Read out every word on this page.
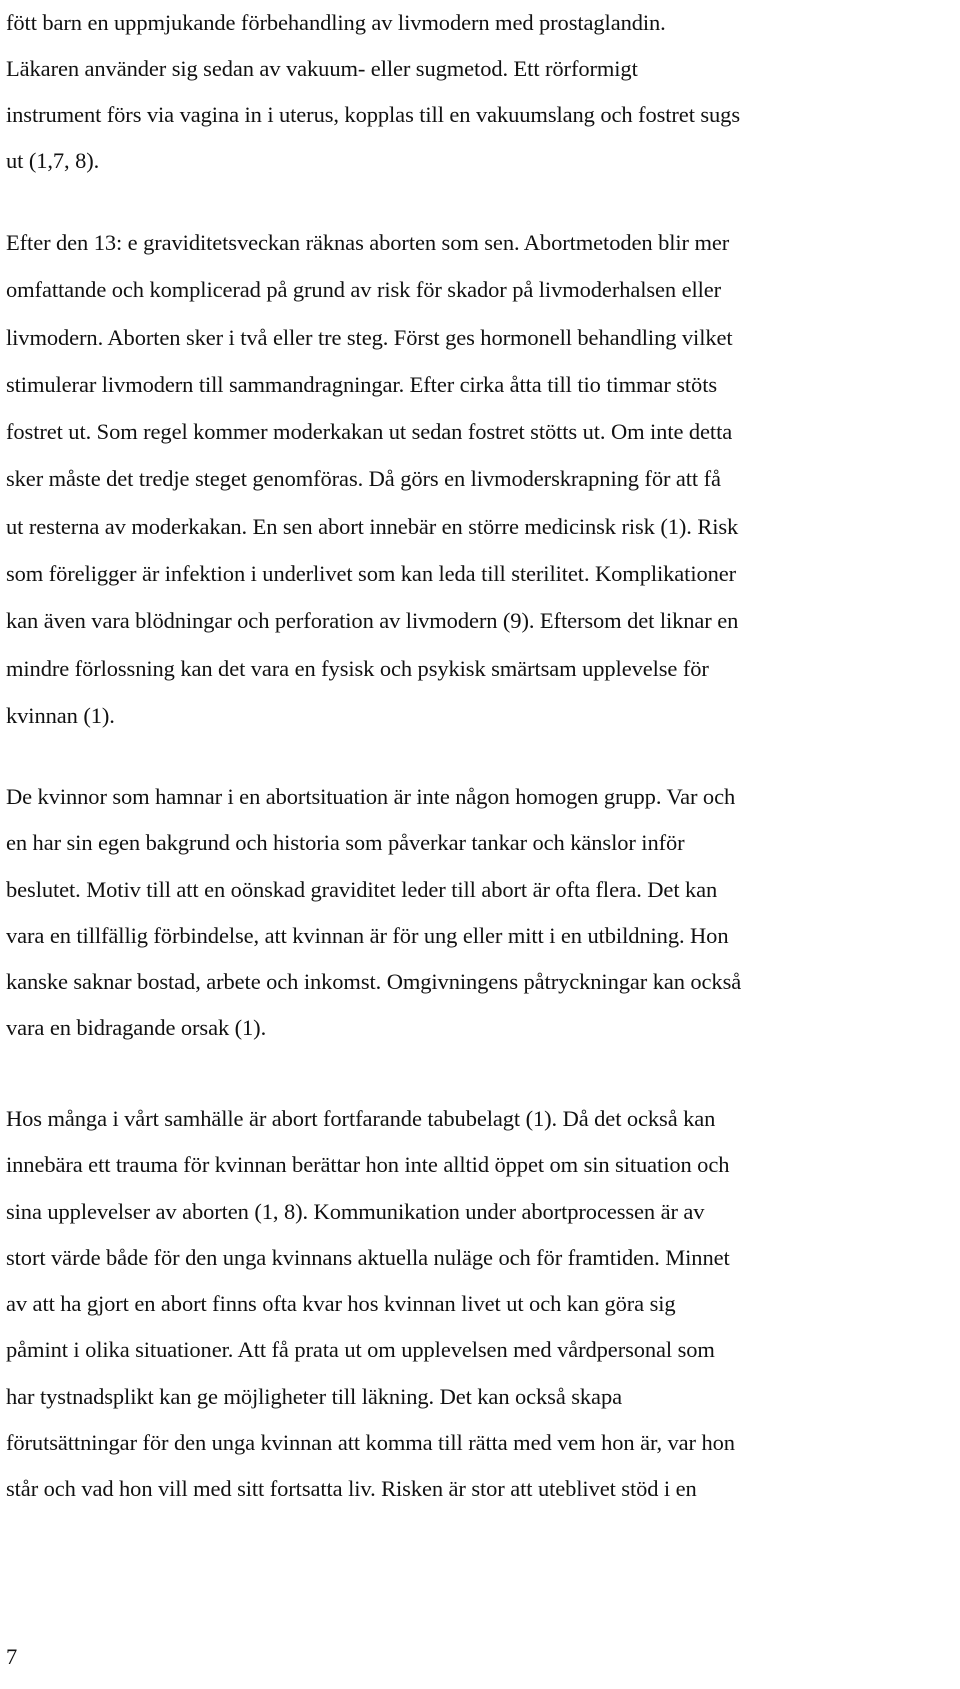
fött barn en uppmjukande förbehandling av livmodern med prostaglandin.
Läkaren använder sig sedan av vakuum- eller sugmetod. Ett rörformigt
instrument förs via vagina in i uterus, kopplas till en vakuumslang och fostret sugs
ut (1,7, 8).

Efter den 13: e graviditetsveckan räknas aborten som sen. Abortmetoden blir mer
omfattande och komplicerad på grund av risk för skador på livmoderhalsen eller
livmodern. Aborten sker i två eller tre steg. Först ges hormonell behandling vilket
stimulerar livmodern till sammandragningar. Efter cirka åtta till tio timmar stöts
fostret ut. Som regel kommer moderkakan ut sedan fostret stötts ut. Om inte detta
sker måste det tredje steget genomföras. Då görs en livmoderskrapning för att få
ut resterna av moderkakan. En sen abort innebär en större medicinsk risk (1). Risk
som föreligger är infektion i underlivet som kan leda till sterilitet. Komplikationer
kan även vara blödningar och perforation av livmodern (9). Eftersom det liknar en
mindre förlossning kan det vara en fysisk och psykisk smärtsam upplevelse för
kvinnan (1).

De kvinnor som hamnar i en abortsituation är inte någon homogen grupp. Var och
en har sin egen bakgrund och historia som påverkar tankar och känslor inför
beslutet. Motiv till att en oönskad graviditet leder till abort är ofta flera. Det kan
vara en tillfällig förbindelse, att kvinnan är för ung eller mitt i en utbildning. Hon
kanske saknar bostad, arbete och inkomst. Omgivningens påtryckningar kan också
vara en bidragande orsak (1).

Hos många i vårt samhälle är abort fortfarande tabubelagt (1). Då det också kan
innebära ett trauma för kvinnan berättar hon inte alltid öppet om sin situation och
sina upplevelser av aborten (1, 8). Kommunikation under abortprocessen är av
stort värde både för den unga kvinnans aktuella nuläge och för framtiden. Minnet
av att ha gjort en abort finns ofta kvar hos kvinnan livet ut och kan göra sig
påmint i olika situationer. Att få prata ut om upplevelsen med vårdpersonal som
har tystnadsplikt kan ge möjligheter till läkning. Det kan också skapa
förutsättningar för den unga kvinnan att komma till rätta med vem hon är, var hon
står och vad hon vill med sitt fortsatta liv. Risken är stor att uteblivet stöd i en

7
